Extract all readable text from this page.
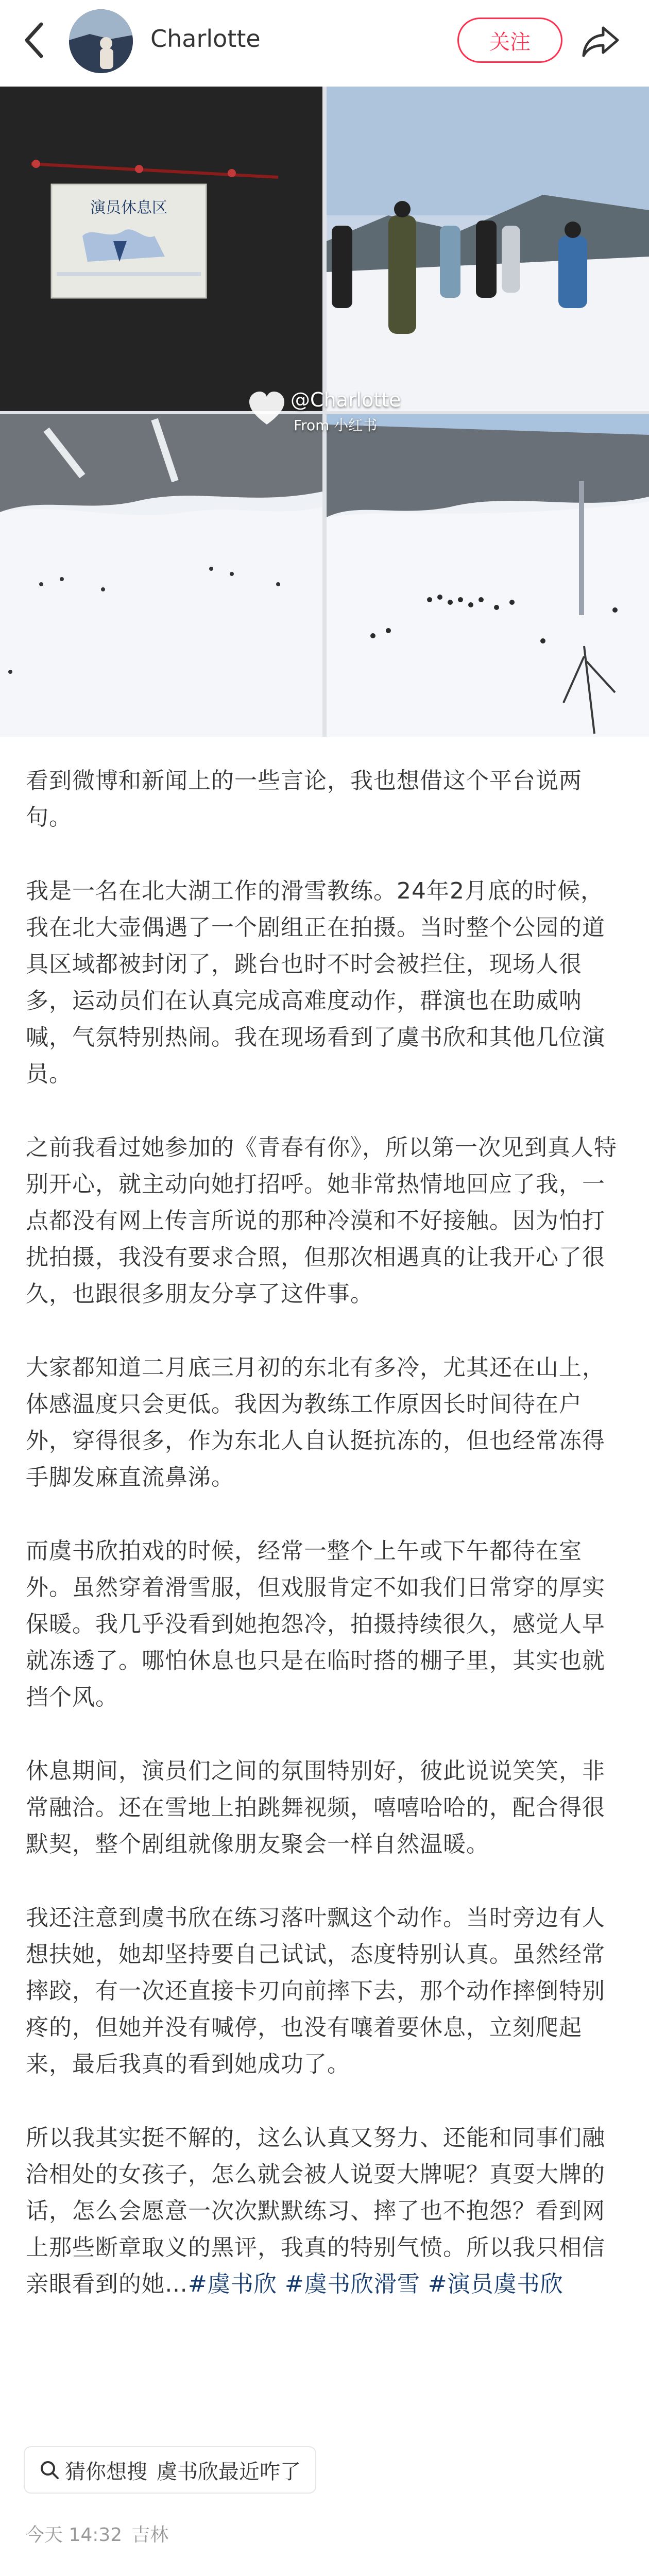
Charlotte	关注
演员休息区
@Charlotte
From 小红书

看到微博和新闻上的一些言论，我也想借这个平台说两句。

我是一名在北大湖工作的滑雪教练。24年2月底的时候，我在北大壶偶遇了一个剧组正在拍摄。当时整个公园的道具区域都被封闭了，跳台也时不时会被拦住，现场人很多，运动员们在认真完成高难度动作，群演也在助威呐喊，气氛特别热闹。我在现场看到了虞书欣和其他几位演员。

之前我看过她参加的《青春有你》，所以第一次见到真人特别开心，就主动向她打招呼。她非常热情地回应了我，一点都没有网上传言所说的那种冷漠和不好接触。因为怕打扰拍摄，我没有要求合照，但那次相遇真的让我开心了很久，也跟很多朋友分享了这件事。

大家都知道二月底三月初的东北有多冷，尤其还在山上，体感温度只会更低。我因为教练工作原因长时间待在户外，穿得很多，作为东北人自认挺抗冻的，但也经常冻得手脚发麻直流鼻涕。

而虞书欣拍戏的时候，经常一整个上午或下午都待在室外。虽然穿着滑雪服，但戏服肯定不如我们日常穿的厚实保暖。我几乎没看到她抱怨冷，拍摄持续很久，感觉人早就冻透了。哪怕休息也只是在临时搭的棚子里，其实也就挡个风。

休息期间，演员们之间的氛围特别好，彼此说说笑笑，非常融洽。还在雪地上拍跳舞视频，嘻嘻哈哈的，配合得很默契，整个剧组就像朋友聚会一样自然温暖。

我还注意到虞书欣在练习落叶飘这个动作。当时旁边有人想扶她，她却坚持要自己试试，态度特别认真。虽然经常摔跤，有一次还直接卡刃向前摔下去，那个动作摔倒特别疼的，但她并没有喊停，也没有嚷着要休息，立刻爬起来，最后我真的看到她成功了。

所以我其实挺不解的，这么认真又努力、还能和同事们融洽相处的女孩子，怎么就会被人说耍大牌呢？真耍大牌的话，怎么会愿意一次次默默练习、摔了也不抱怨？看到网上那些断章取义的黑评，我真的特别气愤。所以我只相信亲眼看到的她…#虞书欣 #虞书欣滑雪 #演员虞书欣

猜你想搜 虞书欣最近咋了
今天 14:32 吉林
